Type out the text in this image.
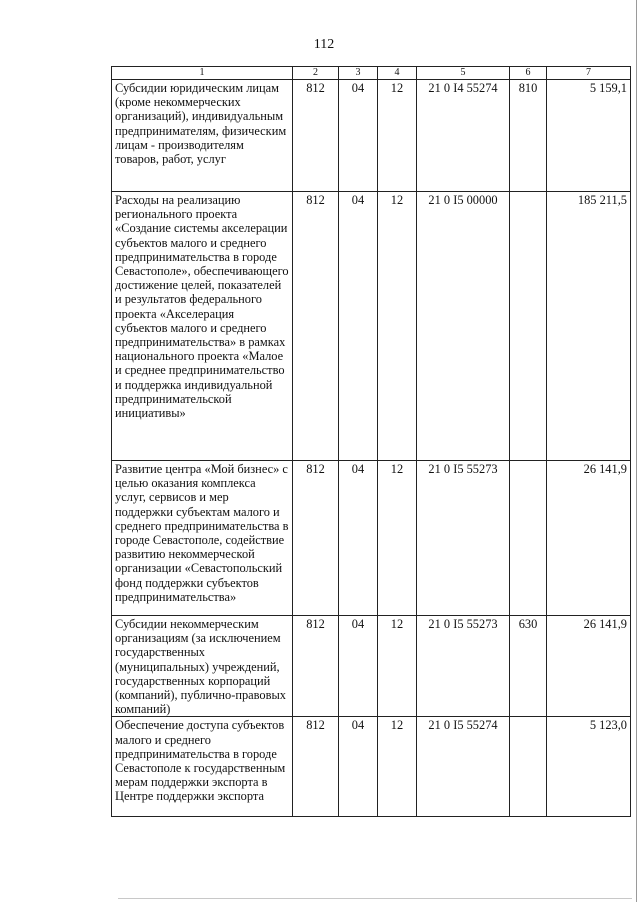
112
1	2	3	4	5	6	7
Субсидии юридическим лицам (кроме некоммерческих организаций), индивидуальным предпринимателям, физическим лицам - производителям товаров, работ, услуг	812	04	12	21 0 I4 55274	810	5 159,1
Расходы на реализацию регионального проекта «Создание системы акселерации субъектов малого и среднего предпринимательства в городе Севастополе», обеспечивающего достижение целей, показателей и результатов федерального проекта «Акселерация субъектов малого и среднего предпринимательства» в рамках национального проекта «Малое и среднее предпринимательство и поддержка индивидуальной предпринимательской инициативы»	812	04	12	21 0 I5 00000		185 211,5
Развитие центра «Мой бизнес» с целью оказания комплекса услуг, сервисов и мер поддержки субъектам малого и среднего предпринимательства в городе Севастополе, содействие развитию некоммерческой организации «Севастопольский фонд поддержки субъектов предпринимательства»	812	04	12	21 0 I5 55273		26 141,9
Субсидии некоммерческим организациям (за исключением государственных (муниципальных) учреждений, государственных корпораций (компаний), публично-правовых компаний)	812	04	12	21 0 I5 55273	630	26 141,9
Обеспечение доступа субъектов малого и среднего предпринимательства в городе Севастополе к государственным мерам поддержки экспорта в Центре поддержки экспорта	812	04	12	21 0 I5 55274		5 123,0
